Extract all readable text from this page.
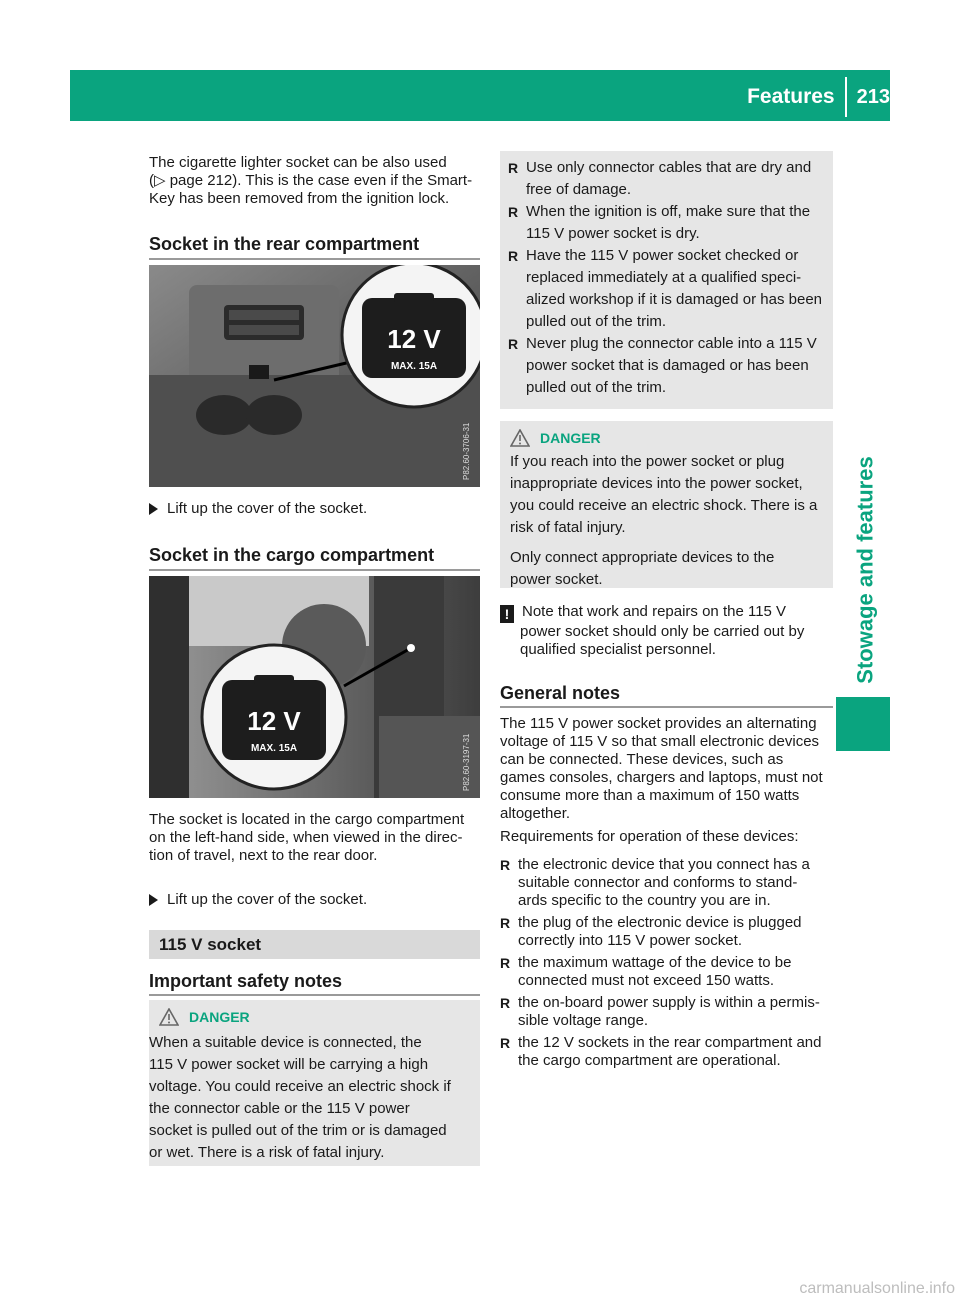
Features	213
Stowage and features
The cigarette lighter socket can be also used
(▷ page 212). This is the case even if the Smart-
Key has been removed from the ignition lock.
Socket in the rear compartment
12 V
MAX. 15A
P82.60-3706-31
Lift up the cover of the socket.
Socket in the cargo compartment
12 V
MAX. 15A	P82.60-3197-31
The socket is located in the cargo compartment
on the left-hand side, when viewed in the direc-
tion of travel, next to the rear door.
Lift up the cover of the socket.
115 V socket
Important safety notes
DANGER
When a suitable device is connected, the
115 V power socket will be carrying a high
voltage. You could receive an electric shock if
the connector cable or the 115 V power
socket is pulled out of the trim or is damaged
or wet. There is a risk of fatal injury.
R Use only connector cables that are dry and
free of damage.
R When the ignition is off, make sure that the
115 V power socket is dry.
R Have the 115 V power socket checked or
replaced immediately at a qualified speci-
alized workshop if it is damaged or has been
pulled out of the trim.
R Never plug the connector cable into a 115 V
power socket that is damaged or has been
pulled out of the trim.
DANGER
If you reach into the power socket or plug
inappropriate devices into the power socket,
you could receive an electric shock. There is a
risk of fatal injury.
Only connect appropriate devices to the
power socket.
! Note that work and repairs on the 115 V
power socket should only be carried out by
qualified specialist personnel.
General notes
The 115 V power socket provides an alternating
voltage of 115 V so that small electronic devices
can be connected. These devices, such as
games consoles, chargers and laptops, must not
consume more than a maximum of 150 watts
altogether.
Requirements for operation of these devices:
R the electronic device that you connect has a
suitable connector and conforms to stand-
ards specific to the country you are in.
R the plug of the electronic device is plugged
correctly into 115 V power socket.
R the maximum wattage of the device to be
connected must not exceed 150 watts.
R the on-board power supply is within a permis-
sible voltage range.
R the 12 V sockets in the rear compartment and
the cargo compartment are operational.
carmanualsonline.info
